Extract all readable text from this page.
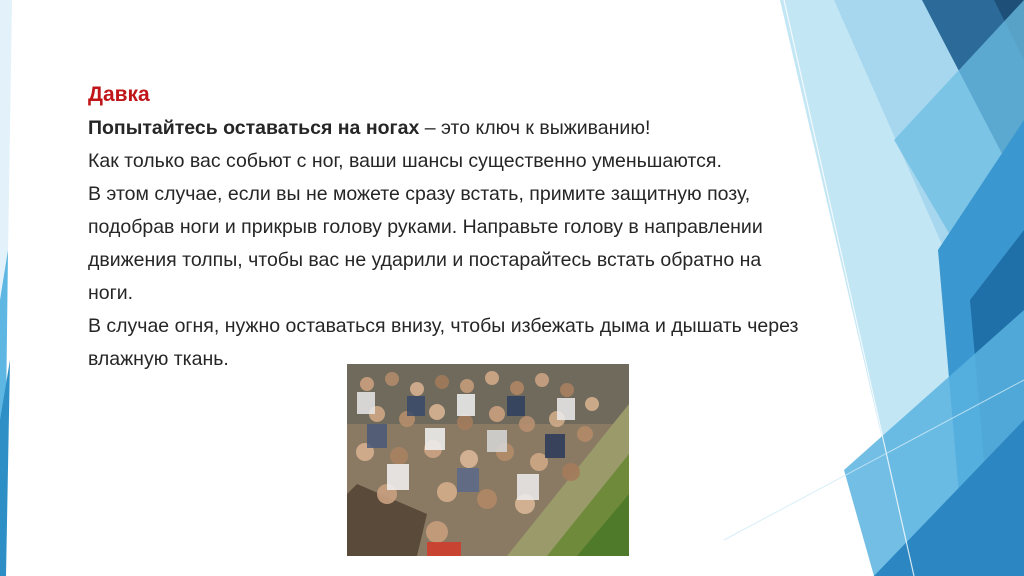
Давка
Попытайтесь оставаться на ногах – это ключ к выживанию!
Как только вас собьют с ног, ваши шансы существенно уменьшаются.
В этом случае, если вы не можете сразу встать, примите защитную позу,
подобрав ноги и прикрыв голову руками. Направьте голову в направлении
движения толпы, чтобы вас не ударили и постарайтесь встать обратно на
ноги.
В случае огня, нужно оставаться внизу, чтобы избежать дыма и дышать через
влажную ткань.
